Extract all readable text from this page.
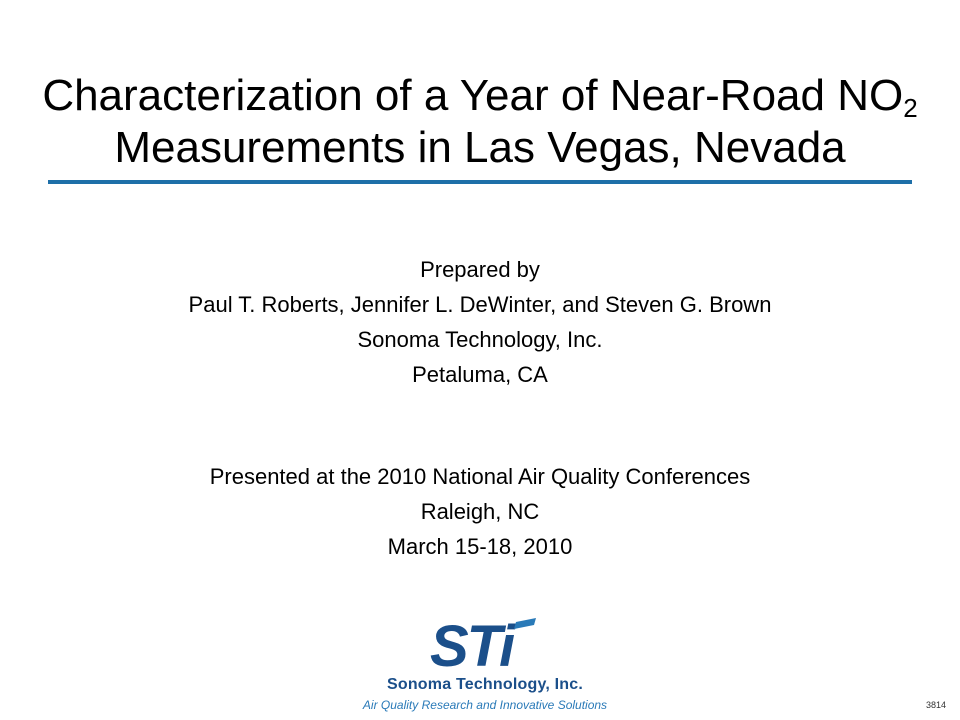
Characterization of a Year of Near-Road $NO_2$
Measurements in Las Vegas, Nevada
Prepared by
Paul T. Roberts, Jennifer L. DeWinter, and Steven G. Brown
Sonoma Technology, Inc.
Petaluma, CA
Presented at the 2010 National Air Quality Conferences
Raleigh, NC
March 15-18, 2010
STi
Sonoma Technology, Inc.
Air Quality Research and Innovative Solutions	3814
